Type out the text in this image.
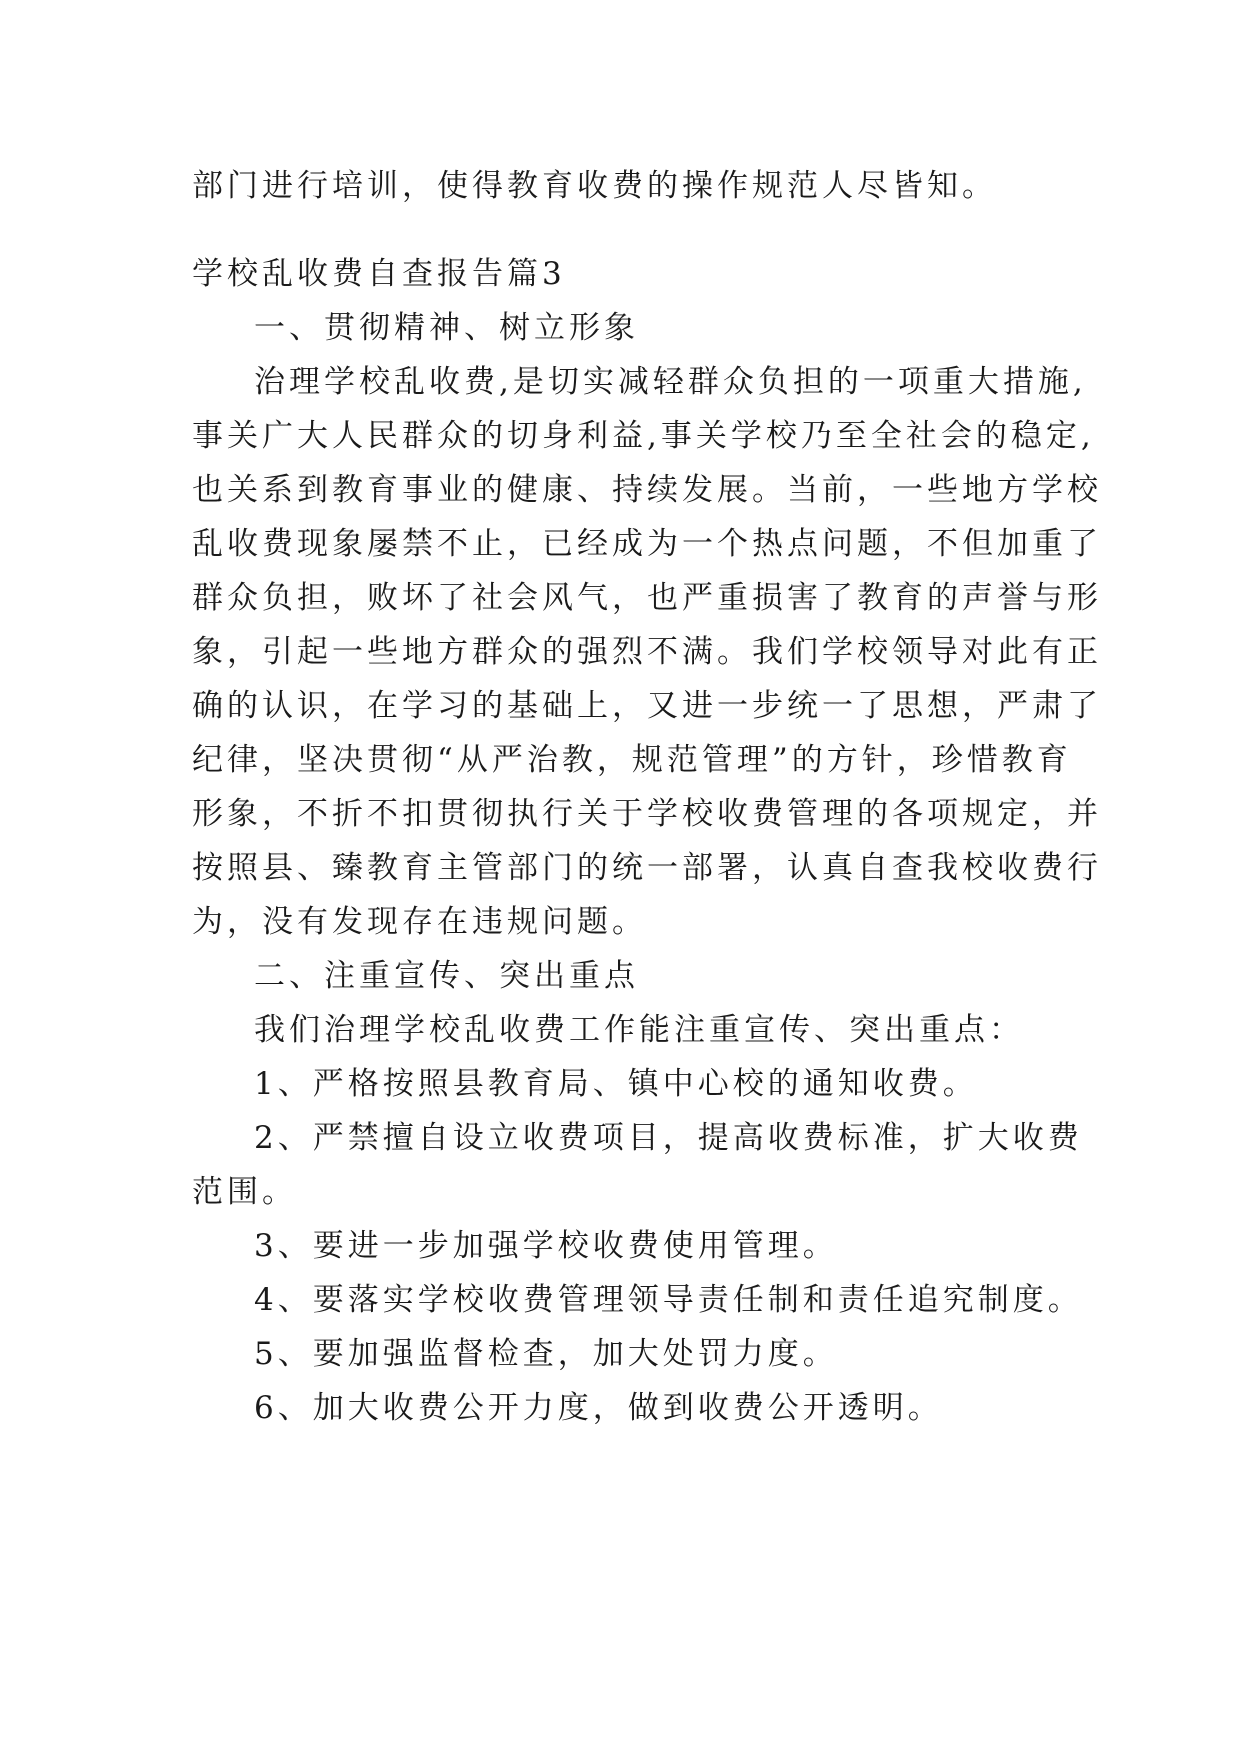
部门进行培训，使得教育收费的操作规范人尽皆知。
学校乱收费自查报告篇3
一、贯彻精神、树立形象
治理学校乱收费,是切实减轻群众负担的一项重大措施,
事关广大人民群众的切身利益,事关学校乃至全社会的稳定,
也关系到教育事业的健康、持续发展。当前，一些地方学校
乱收费现象屡禁不止，已经成为一个热点问题，不但加重了
群众负担，败坏了社会风气，也严重损害了教育的声誉与形
象，引起一些地方群众的强烈不满。我们学校领导对此有正
确的认识，在学习的基础上，又进一步统一了思想，严肃了
纪律，坚决贯彻“从严治教，规范管理”的方针，珍惜教育
形象，不折不扣贯彻执行关于学校收费管理的各项规定，并
按照县、臻教育主管部门的统一部署，认真自查我校收费行
为，没有发现存在违规问题。
二、注重宣传、突出重点
我们治理学校乱收费工作能注重宣传、突出重点：
1、严格按照县教育局、镇中心校的通知收费。
2、严禁擅自设立收费项目，提高收费标准，扩大收费
范围。
3、要进一步加强学校收费使用管理。
4、要落实学校收费管理领导责任制和责任追究制度。
5、要加强监督检查，加大处罚力度。
6、加大收费公开力度，做到收费公开透明。
